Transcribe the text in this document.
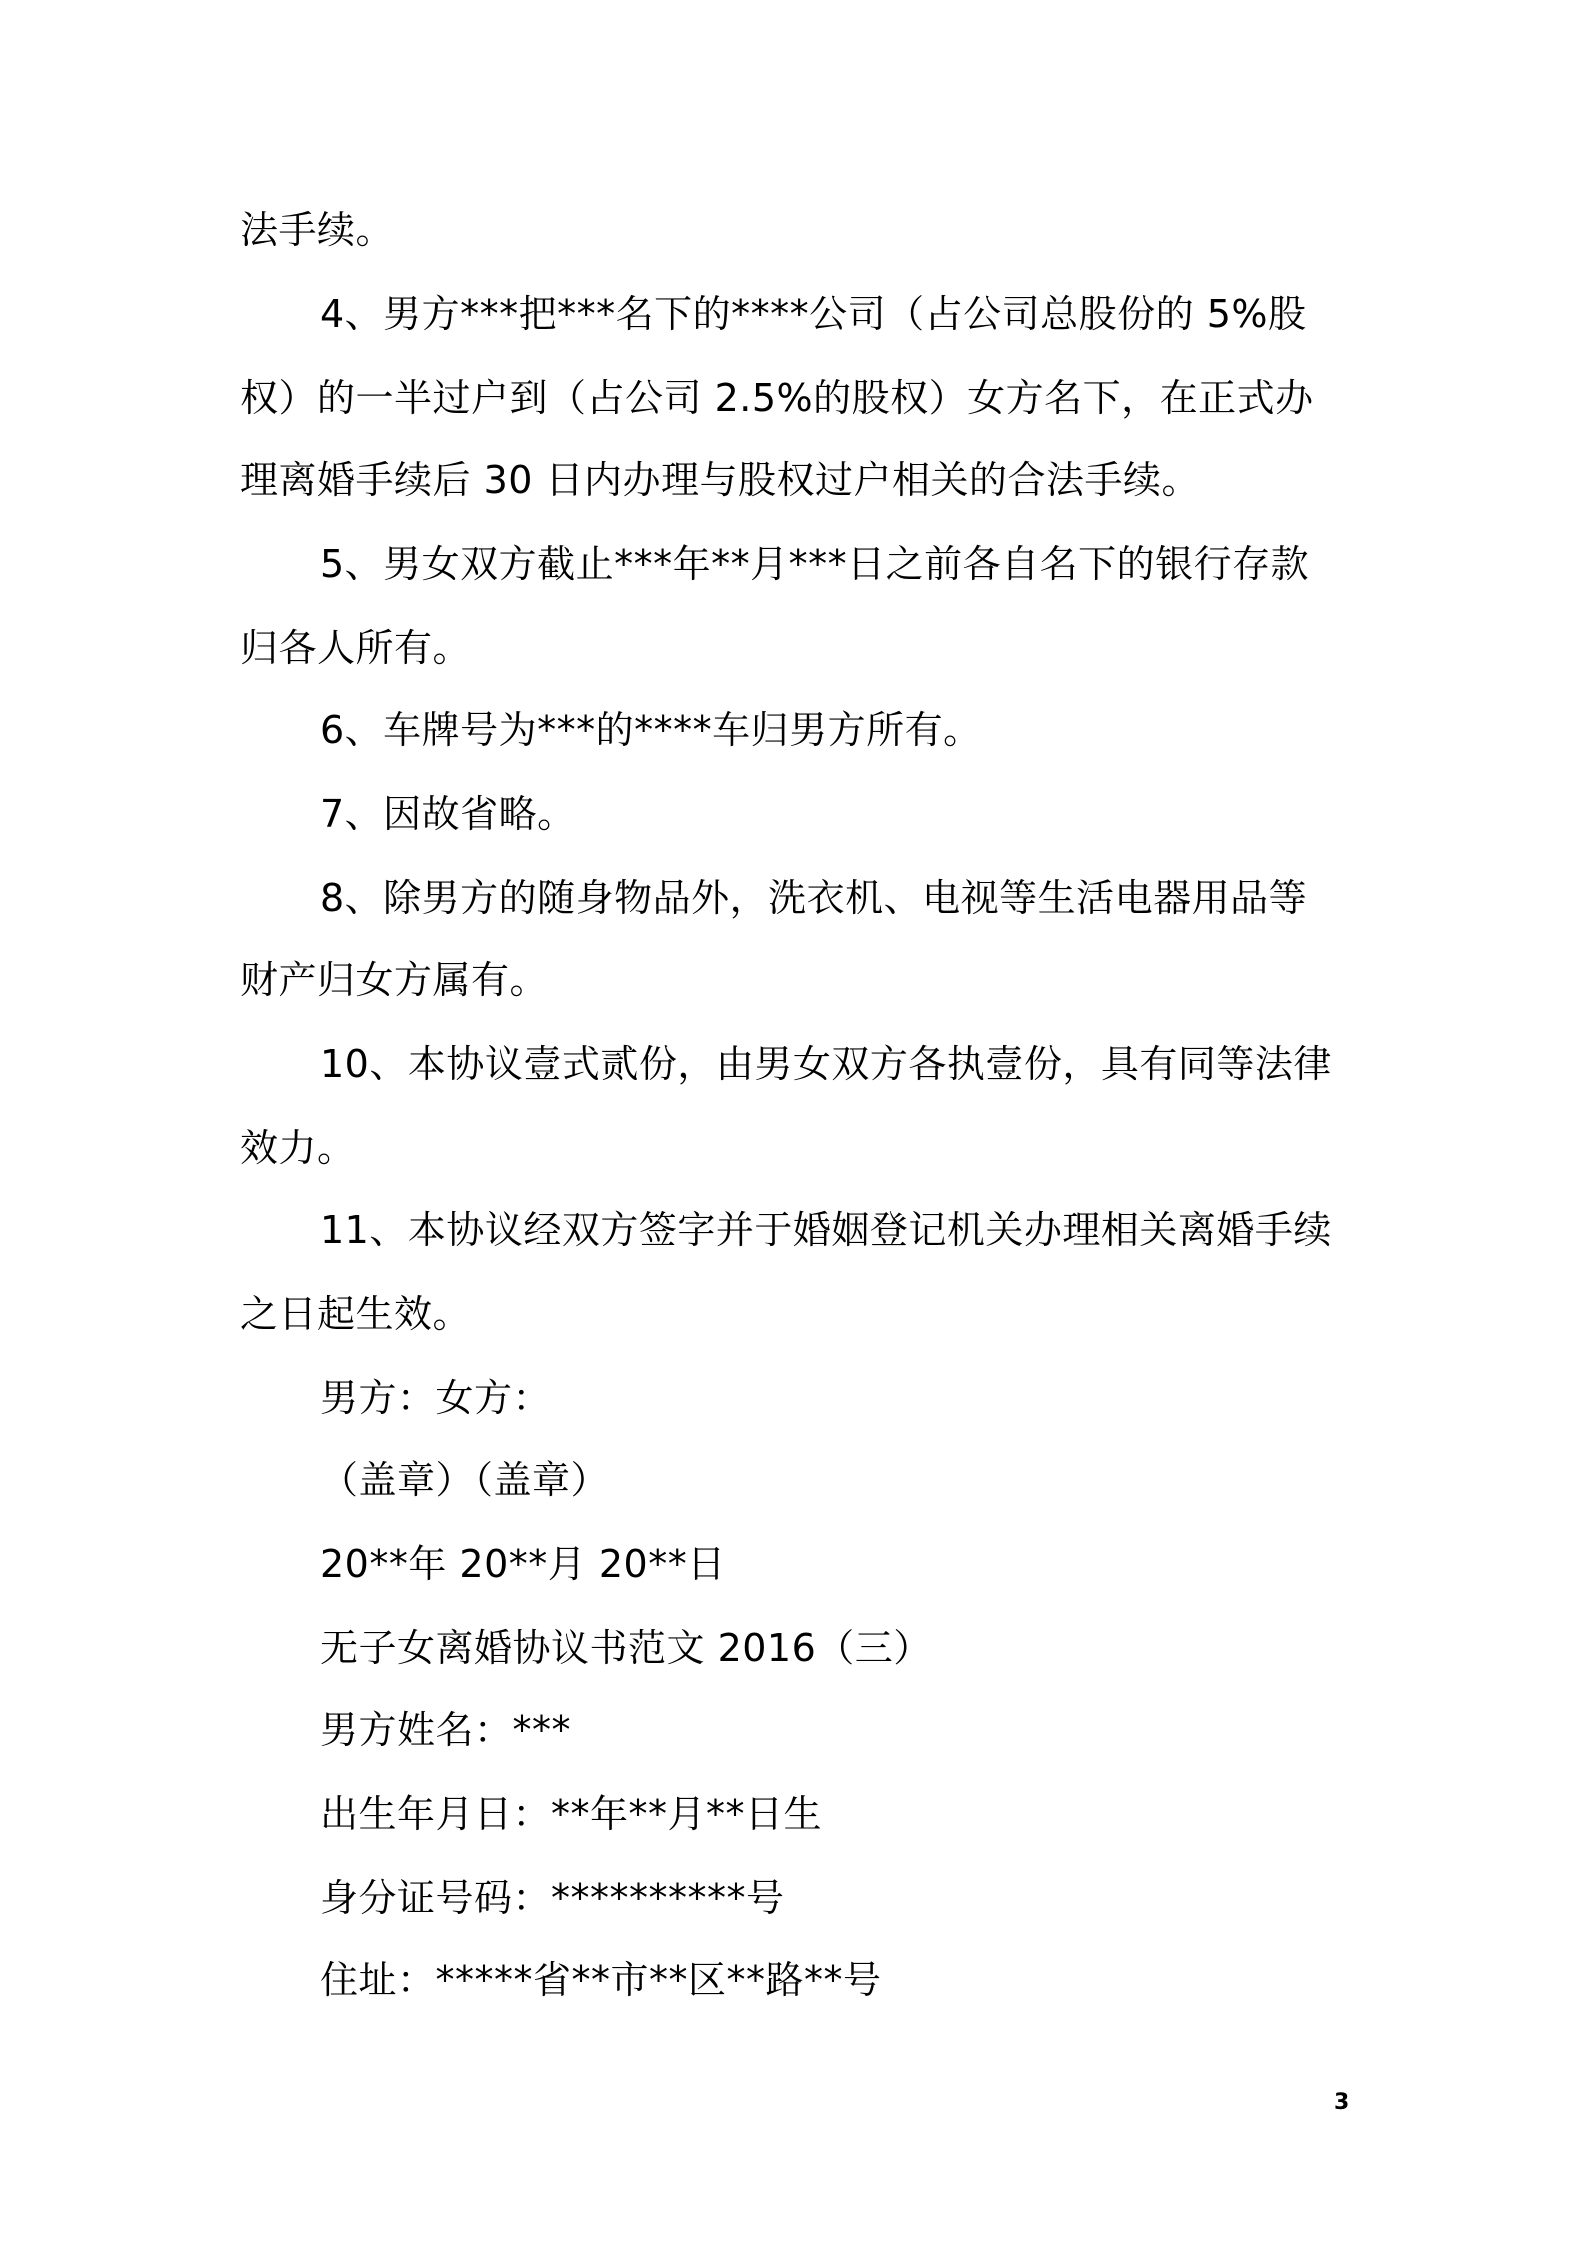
法手续。
4、男方***把***名下的****公司（占公司总股份的 5%股
权）的一半过户到（占公司 2.5%的股权）女方名下，在正式办
理离婚手续后 30 日内办理与股权过户相关的合法手续。
5、男女双方截止***年**月***日之前各自名下的银行存款
归各人所有。
6、车牌号为***的****车归男方所有。
7、因故省略。
8、除男方的随身物品外，洗衣机、电视等生活电器用品等
财产归女方属有。
10、本协议壹式贰份，由男女双方各执壹份，具有同等法律
效力。
11、本协议经双方签字并于婚姻登记机关办理相关离婚手续
之日起生效。
男方：女方：
（盖章）（盖章）
20**年 20**月 20**日
无子女离婚协议书范文 2016（三）
男方姓名：***
出生年月日：**年**月**日生
身分证号码：**********号
住址：*****省**市**区**路**号
3
